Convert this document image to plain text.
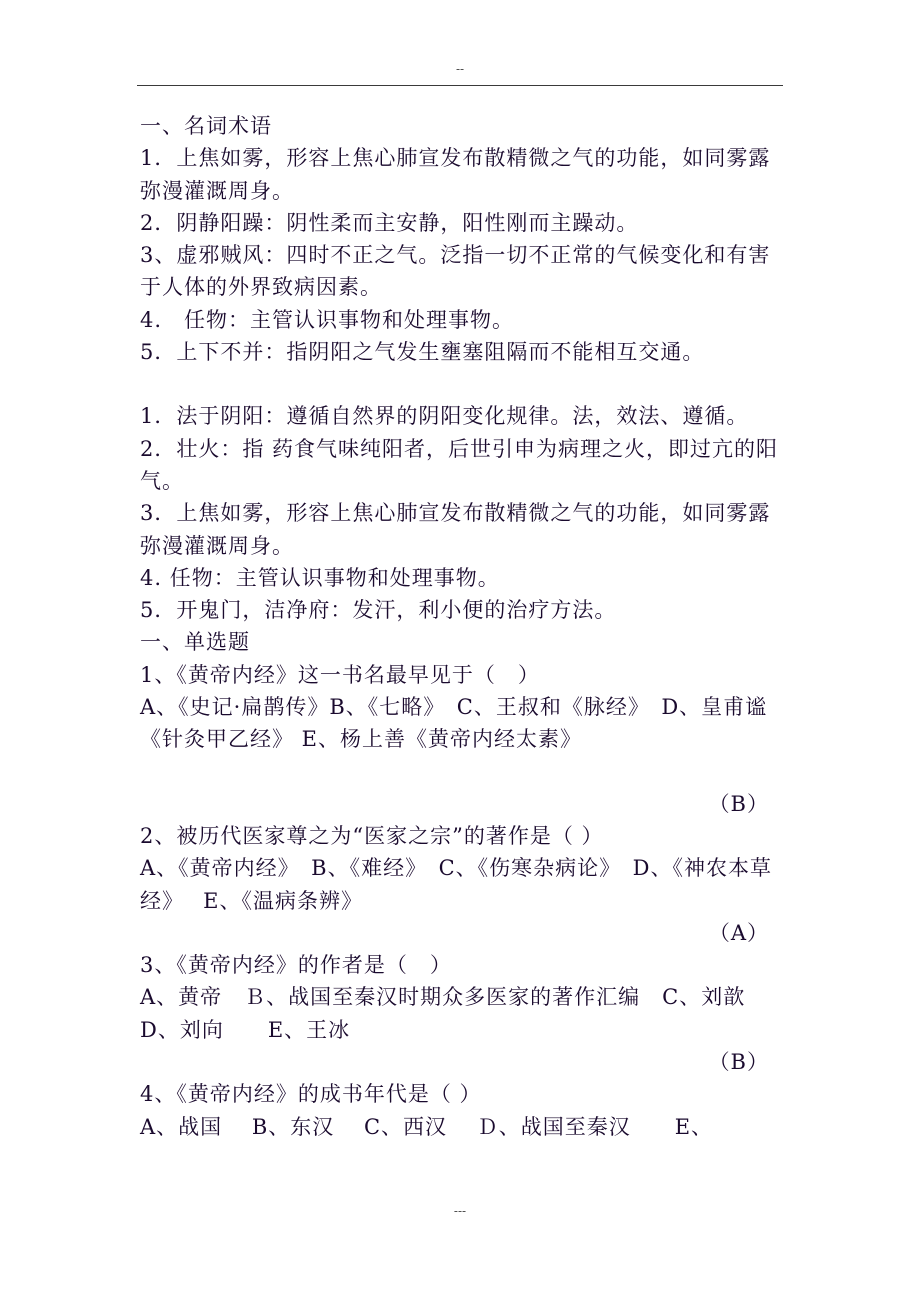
--

一、名词术语

1．上焦如雾，形容上焦心肺宣发布散精微之气的功能，如同雾露弥漫灌溉周身。

2．阴静阳躁：阴性柔而主安静，阳性刚而主躁动。

3、虚邪贼风：四时不正之气。泛指一切不正常的气候变化和有害于人体的外界致病因素。

4.　任物：主管认识事物和处理事物。

5．上下不并：指阴阳之气发生壅塞阻隔而不能相互交通。

1．法于阴阳：遵循自然界的阴阳变化规律。法，效法、遵循。

2．壮火：指 药食气味纯阳者，后世引申为病理之火，即过亢的阳气。

3．上焦如雾，形容上焦心肺宣发布散精微之气的功能，如同雾露弥漫灌溉周身。

4. 任物：主管认识事物和处理事物。

5．开鬼门，洁净府：发汗，利小便的治疗方法。

一、单选题

1、《黄帝内经》这一书名最早见于（　）

A、《史记·扁鹊传》B、《七略》　C、王叔和《脉经》　D、皇甫谧《针灸甲乙经》 E、杨上善《黄帝内经太素》

（B）

2、被历代医家尊之为“医家之宗”的著作是（ ）

A、《黄帝内经》　B、《难经》　C、《伤寒杂病论》　D、《神农本草经》　 E、《温病条辨》

（A）

3、《黄帝内经》的作者是（　）

A、黄帝　Ｂ、战国至秦汉时期众多医家的著作汇编　C、刘歆　 D、刘向　　E、王冰

（B）

4、《黄帝内经》的成书年代是（ ）

A、战国　 B、东汉　 C、西汉　 Ｄ、战国至秦汉　　E、

---
